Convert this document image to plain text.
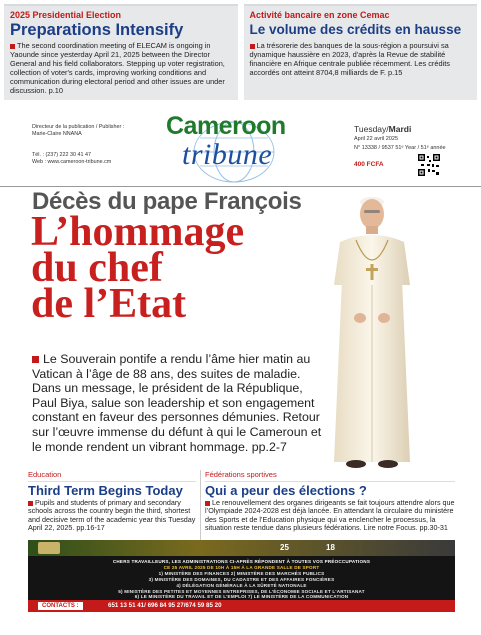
2025 Presidential Election
Preparations Intensify
The second coordination meeting of ELECAM is ongoing in Yaounde since yesterday April 21, 2025 between the Director General and his field collaborators. Stepping up voter registration, collection of voter's cards, improving working conditions and communication during electoral period and other issues are under discussion. p.10
Activité bancaire en zone Cemac
Le volume des crédits en hausse
La trésorerie des banques de la sous-région a poursuivi sa dynamique haussière en 2023, d'après la Revue de stabilité financière en Afrique centrale publiée récemment. Les crédits accordés ont atteint 8704,8 milliards de F. p.15
Directeur de la publication / Publisher :
Marie-Claire NNANA
Tél. : (237) 222 30 41 47
Web : www.cameroon-tribune.cm
Cameroon
tribune
Tuesday/Mardi
April 22 avril 2025
N° 13338 / 9537 51ᵉ Year / 51ᵉ année
400 FCFA
Décès du pape François
L’hommage
du chef
de l’Etat
Le Souverain pontife a rendu l’âme hier matin au Vatican à l’âge de 88 ans, des suites de maladie. Dans un message, le président de la République, Paul Biya, salue son leadership et son engagement constant en faveur des personnes démunies. Retour sur l’œuvre immense du défunt à qui le Cameroun et le monde rendent un vibrant hommage. pp.2-7
Education
Third Term Begins Today
Pupils and students of primary and secondary schools across the country begin the third, shortest and decisive term of the academic year this Tuesday April 22, 2025. pp.16-17
Fédérations sportives
Qui a peur des élections ?
Le renouvellement des organes dirigeants se fait toujours attendre alors que l’Olympiade 2024-2028 est déjà lancée. En attendant la circulaire du ministère des Sports et de l’Education physique qui va enclencher le processus, la situation reste tendue dans plusieurs fédérations. Lire notre Focus. pp.30-31
25	18
CHERS TRAVAILLEURS, LES ADMINISTRATIONS CI-APRÈS RÉPONDENT À TOUTES VOS PRÉOCCUPATIONS
CE 25 AVRIL 2025 DE 10H À 15H À LA GRANDE SALLE DE SPORT
1) MINISTÈRE DES FINANCES 2) MINISTÈRE DES MARCHÉS PUBLICS
3) MINISTÈRE DES DOMAINES, DU CADASTRE ET DES AFFAIRES FONCIÈRES
4) DÉLÉGATION GÉNÉRALE À LA SÛRETÉ NATIONALE
5) MINISTÈRE DES PETITES ET MOYENNES ENTREPRISES, DE L'ÉCONOMIE SOCIALE ET L'ARTISANAT
6) LE MINISTÈRE DU TRAVAIL ET DE L'EMPLOI 7) LE MINISTÈRE DE LA COMMUNICATION
CONTACTS :	651 13 51 41/ 696 84 95 27/674 59 85 20
